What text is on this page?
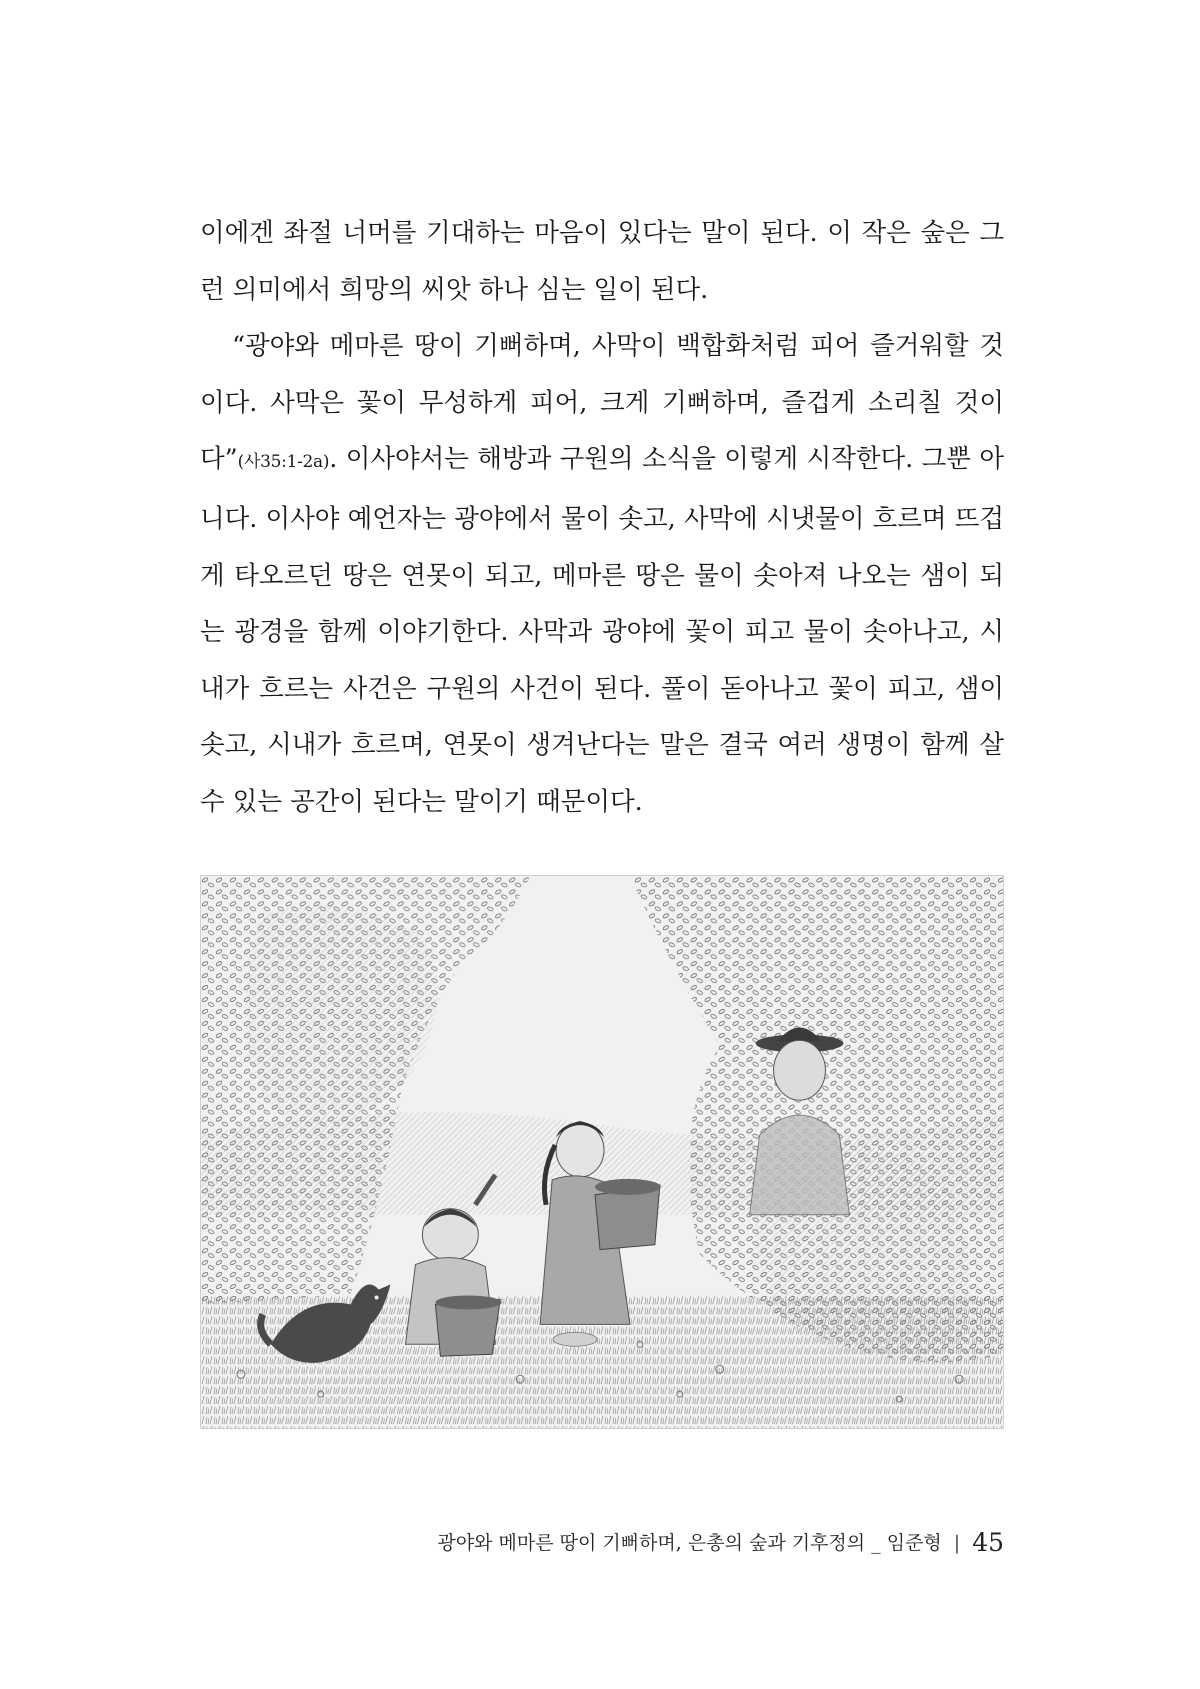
이에겐 좌절 너머를 기대하는 마음이 있다는 말이 된다. 이 작은 숲은 그런 의미에서 희망의 씨앗 하나 심는 일이 된다.

“광야와 메마른 땅이 기뻐하며, 사막이 백합화처럼 피어 즐거워할 것이다. 사막은 꽃이 무성하게 피어, 크게 기뻐하며, 즐겁게 소리칠 것이다”(사35:1-2a). 이사야서는 해방과 구원의 소식을 이렇게 시작한다. 그뿐 아니다. 이사야 예언자는 광야에서 물이 솟고, 사막에 시냇물이 흐르며 뜨겁게 타오르던 땅은 연못이 되고, 메마른 땅은 물이 솟아져 나오는 샘이 되는 광경을 함께 이야기한다. 사막과 광야에 꽃이 피고 물이 솟아나고, 시내가 흐르는 사건은 구원의 사건이 된다. 풀이 돋아나고 꽃이 피고, 샘이 솟고, 시내가 흐르며, 연못이 생겨난다는 말은 결국 여러 생명이 함께 살 수 있는 공간이 된다는 말이기 때문이다.

광야와 메마른 땅이 기뻐하며, 은총의 숲과 기후정의 _ 임준형 | 45
